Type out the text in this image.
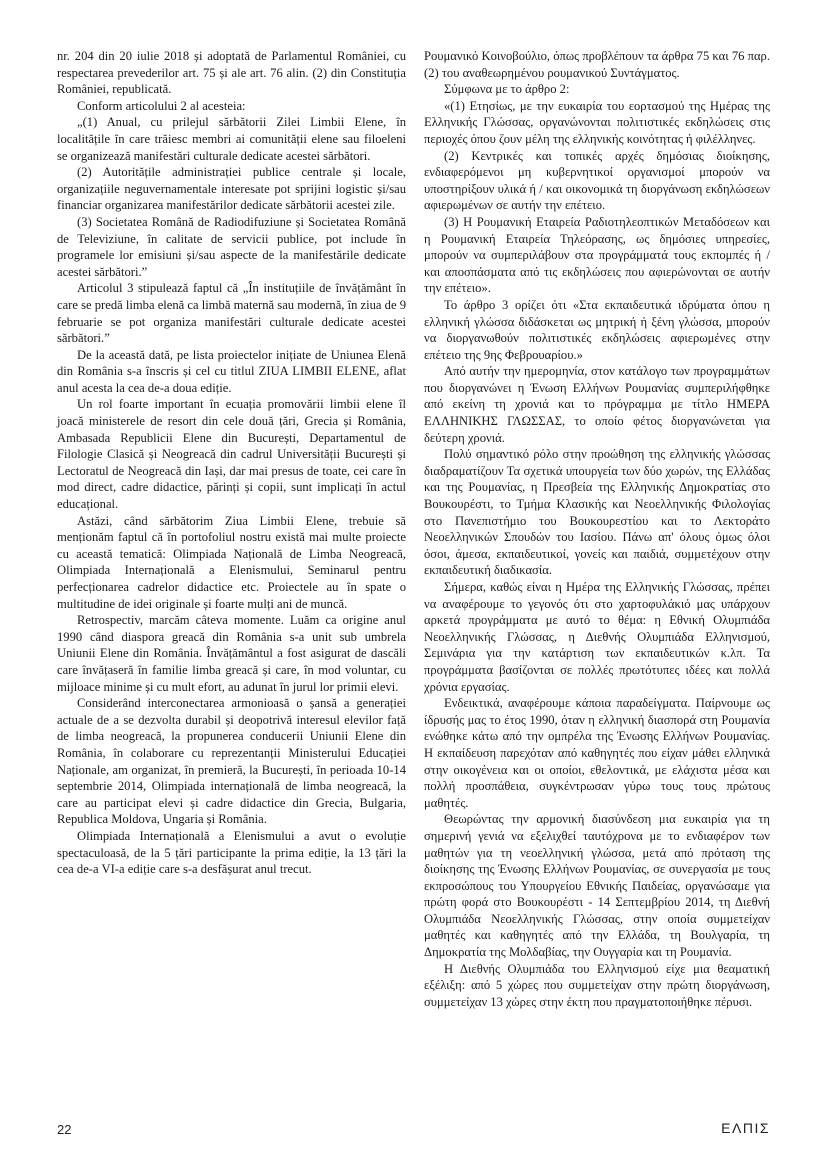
nr. 204 din 20 iulie 2018 și adoptată de Parlamentul României, cu respectarea prevederilor art. 75 și ale art. 76 alin. (2) din Constituția României, republicată.

Conform articolului 2 al acesteia:

„(1) Anual, cu prilejul sărbătorii Zilei Limbii Elene, în localitățile în care trăiesc membri ai comunității elene sau filoeleni se organizează manifestări culturale dedicate acestei sărbători.

(2) Autoritățile administrației publice centrale și locale, organizațiile neguvernamentale interesate pot sprijini logistic și/sau financiar organizarea manifestărilor dedicate sărbătorii acestei zile.

(3) Societatea Română de Radiodifuziune și Societatea Română de Televiziune, în calitate de servicii publice, pot include în programele lor emisiuni și/sau aspecte de la manifestările dedicate acestei sărbători.”

Articolul 3 stipulează faptul că „În instituțiile de învățământ în care se predă limba elenă ca limbă maternă sau modernă, în ziua de 9 februarie se pot organiza manifestări culturale dedicate acestei sărbători.”

De la această dată, pe lista proiectelor inițiate de Uniunea Elenă din România s-a înscris și cel cu titlul ZIUA LIMBII ELENE, aflat anul acesta la cea de-a doua ediție.

Un rol foarte important în ecuația promovării limbii elene îl joacă ministerele de resort din cele două țări, Grecia și România, Ambasada Republicii Elene din București, Departamentul de Filologie Clasică și Neogreacă din cadrul Universității București și Lectoratul de Neogreacă din Iași, dar mai presus de toate, cei care în mod direct, cadre didactice, părinți și copii, sunt implicați în actul educațional.

Astăzi, când sărbătorim Ziua Limbii Elene, trebuie să menționăm faptul că în portofoliul nostru există mai multe proiecte cu această tematică: Olimpiada Națională de Limba Neogreacă, Olimpiada Internațională a Elenismului, Seminarul pentru perfecționarea cadrelor didactice etc. Proiectele au în spate o multitudine de idei originale și foarte mulți ani de muncă.

Retrospectiv, marcăm câteva momente. Luăm ca origine anul 1990 când diaspora greacă din România s-a unit sub umbrela Uniunii Elene din România. Învățământul a fost asigurat de dascăli care învățaseră în familie limba greacă și care, în mod voluntar, cu mijloace minime și cu mult efort, au adunat în jurul lor primii elevi.

Considerând interconectarea armonioasă o șansă a generației actuale de a se dezvolta durabil și deopotrivă interesul elevilor față de limba neogreacă, la propunerea conducerii Uniunii Elene din România, în colaborare cu reprezentanții Ministerului Educației Naționale, am organizat, în premieră, la București, în perioada 10-14 septembrie 2014, Olimpiada internațională de limba neogreacă, la care au participat elevi și cadre didactice din Grecia, Bulgaria, Republica Moldova, Ungaria și România.

Olimpiada Internațională a Elenismului a avut o evoluție spectaculoasă, de la 5 țări participante la prima ediție, la 13 țări la cea de-a VI-a ediție care s-a desfășurat anul trecut.

Ρουμανικό Κοινοβούλιο, όπως προβλέπουν τα άρθρα 75 και 76 παρ. (2) του αναθεωρημένου ρουμανικού Συντάγματος.

Σύμφωνα με το άρθρο 2:

«(1) Ετησίως, με την ευκαιρία του εορτασμού της Ημέρας της Ελληνικής Γλώσσας, οργανώνονται πολιτιστικές εκδηλώσεις στις περιοχές όπου ζουν μέλη της ελληνικής κοινότητας ή φιλέλληνες.

(2) Κεντρικές και τοπικές αρχές δημόσιας διοίκησης, ενδιαφερόμενοι μη κυβερνητικοί οργανισμοί μπορούν να υποστηρίξουν υλικά ή / και οικονομικά τη διοργάνωση εκδηλώσεων αφιερωμένων σε αυτήν την επέτειο.

(3) Η Ρουμανική Εταιρεία Ραδιοτηλεοπτικών Μεταδόσεων και η Ρουμανική Εταιρεία Τηλεόρασης, ως δημόσιες υπηρεσίες, μπορούν να συμπεριλάβουν στα προγράμματά τους εκπομπές ή / και αποσπάσματα από τις εκδηλώσεις που αφιερώνονται σε αυτήν την επέτειο».

Το άρθρο 3 ορίζει ότι «Στα εκπαιδευτικά ιδρύματα όπου η ελληνική γλώσσα διδάσκεται ως μητρική ή ξένη γλώσσα, μπορούν να διοργανωθούν πολιτιστικές εκδηλώσεις αφιερωμένες στην επέτειο της 9ης Φεβρουαρίου.»

Από αυτήν την ημερομηνία, στον κατάλογο των προγραμμάτων που διοργανώνει η Ένωση Ελλήνων Ρουμανίας συμπεριλήφθηκε από εκείνη τη χρονιά και το πρόγραμμα με τίτλο ΗΜΕΡΑ ΕΛΛΗΝΙΚΗΣ ΓΛΩΣΣΑΣ, το οποίο φέτος διοργανώνεται για δεύτερη χρονιά.

Πολύ σημαντικό ρόλο στην προώθηση της ελληνικής γλώσσας διαδραματίζουν Τα σχετικά υπουργεία των δύο χωρών, της Ελλάδας και της Ρουμανίας, η Πρεσβεία της Ελληνικής Δημοκρατίας στο Βουκουρέστι, το Τμήμα Κλασικής και Νεοελληνικής Φιλολογίας στο Πανεπιστήμιο του Βουκουρεστίου και το Λεκτοράτο Νεοελληνικών Σπουδών του Ιασίου. Πάνω απ' όλους όμως όλοι όσοι, άμεσα, εκπαιδευτικοί, γονείς και παιδιά, συμμετέχουν στην εκπαιδευτική διαδικασία.

Σήμερα, καθώς είναι η Ημέρα της Ελληνικής Γλώσσας, πρέπει να αναφέρουμε το γεγονός ότι στο χαρτοφυλάκιό μας υπάρχουν αρκετά προγράμματα με αυτό το θέμα: η Εθνική Ολυμπιάδα Νεοελληνικής Γλώσσας, η Διεθνής Ολυμπιάδα Ελληνισμού, Σεμινάρια για την κατάρτιση των εκπαιδευτικών κ.λπ. Τα προγράμματα βασίζονται σε πολλές πρωτότυπες ιδέες και πολλά χρόνια εργασίας.

Ενδεικτικά, αναφέρουμε κάποια παραδείγματα. Παίρνουμε ως ίδρυσής μας το έτος 1990, όταν η ελληνική διασπορά στη Ρουμανία ενώθηκε κάτω από την ομπρέλα της Ένωσης Ελλήνων Ρουμανίας. Η εκπαίδευση παρεχόταν από καθηγητές που είχαν μάθει ελληνικά στην οικογένεια και οι οποίοι, εθελοντικά, με ελάχιστα μέσα και πολλή προσπάθεια, συγκέντρωσαν γύρω τους τους πρώτους μαθητές.

Θεωρώντας την αρμονική διασύνδεση μια ευκαιρία για τη σημερινή γενιά να εξελιχθεί ταυτόχρονα με το ενδιαφέρον των μαθητών για τη νεοελληνική γλώσσα, μετά από πρόταση της διοίκησης της Ένωσης Ελλήνων Ρουμανίας, σε συνεργασία με τους εκπροσώπους του Υπουργείου Εθνικής Παιδείας, οργανώσαμε για πρώτη φορά στο Βουκουρέστι - 14 Σεπτεμβρίου 2014, τη Διεθνή Ολυμπιάδα Νεοελληνικής Γλώσσας, στην οποία συμμετείχαν μαθητές και καθηγητές από την Ελλάδα, τη Βουλγαρία, τη Δημοκρατία της Μολδαβίας, την Ουγγαρία και τη Ρουμανία.

Η Διεθνής Ολυμπιάδα του Ελληνισμού είχε μια θεαματική εξέλιξη: από 5 χώρες που συμμετείχαν στην πρώτη διοργάνωση, συμμετείχαν 13 χώρες στην έκτη που πραγματοποιήθηκε πέρυσι.

22	ΕΛΠΙΣ
